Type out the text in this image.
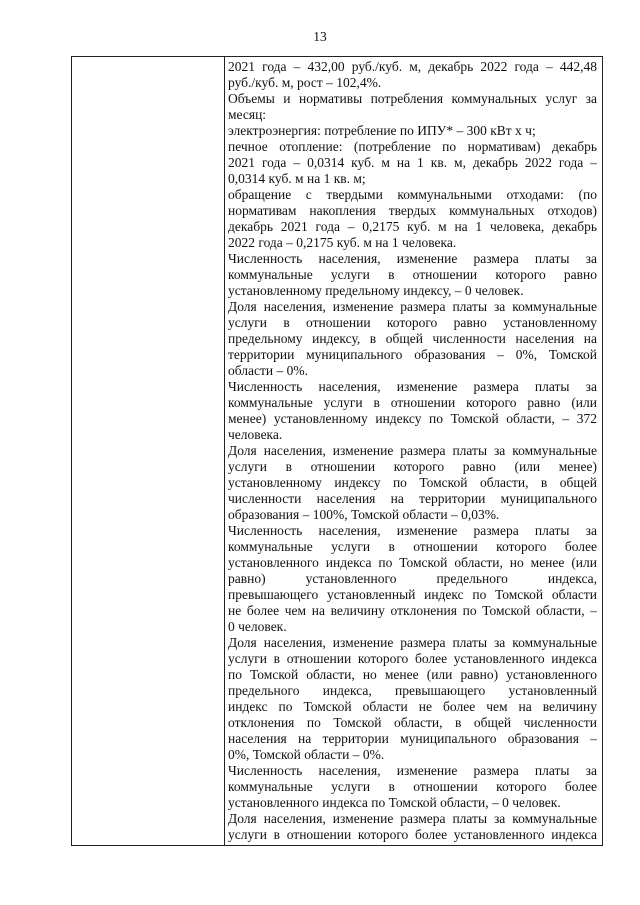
13
2021 года – 432,00 руб./куб. м, декабрь 2022 года – 442,48
руб./куб. м, рост – 102,4%.
Объемы и нормативы потребления коммунальных услуг за
месяц:
электроэнергия: потребление по ИПУ* – 300 кВт х ч;
печное отопление: (потребление по нормативам) декабрь
2021 года – 0,0314 куб. м на 1 кв. м, декабрь 2022 года –
0,0314 куб. м на 1 кв. м;
обращение с твердыми коммунальными отходами: (по
нормативам накопления твердых коммунальных отходов)
декабрь 2021 года – 0,2175 куб. м на 1 человека, декабрь
2022 года – 0,2175 куб. м на 1 человека.
Численность населения, изменение размера платы за
коммунальные услуги в отношении которого равно
установленному предельному индексу, – 0 человек.
Доля населения, изменение размера платы за коммунальные
услуги в отношении которого равно установленному
предельному индексу, в общей численности населения на
территории муниципального образования – 0%, Томской
области – 0%.
Численность населения, изменение размера платы за
коммунальные услуги в отношении которого равно (или
менее) установленному индексу по Томской области, – 372
человека.
Доля населения, изменение размера платы за коммунальные
услуги в отношении которого равно (или менее)
установленному индексу по Томской области, в общей
численности населения на территории муниципального
образования – 100%, Томской области – 0,03%.
Численность населения, изменение размера платы за
коммунальные услуги в отношении которого более
установленного индекса по Томской области, но менее (или
равно) установленного предельного индекса,
превышающего установленный индекс по Томской области
не более чем на величину отклонения по Томской области, –
0 человек.
Доля населения, изменение размера платы за коммунальные
услуги в отношении которого более установленного индекса
по Томской области, но менее (или равно) установленного
предельного индекса, превышающего установленный
индекс по Томской области не более чем на величину
отклонения по Томской области, в общей численности
населения на территории муниципального образования –
0%, Томской области – 0%.
Численность населения, изменение размера платы за
коммунальные услуги в отношении которого более
установленного индекса по Томской области, – 0 человек.
Доля населения, изменение размера платы за коммунальные
услуги в отношении которого более установленного индекса
